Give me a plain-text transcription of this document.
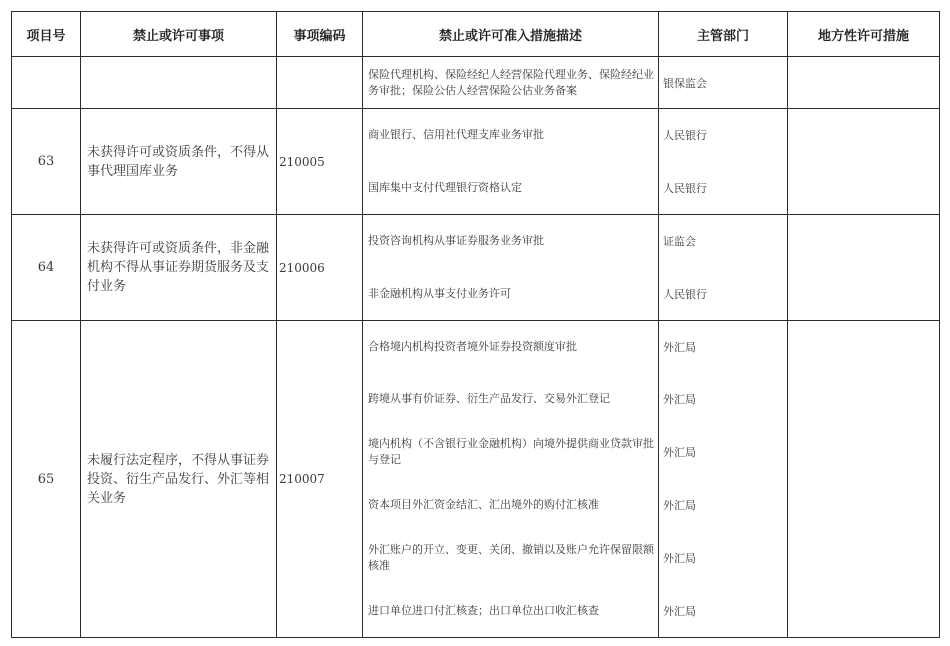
项目号	禁止或许可事项	事项编码	禁止或许可准入措施描述	主管部门	地方性许可措施
			保险代理机构、保险经纪人经营保险代理业务、保险经纪业务审批；保险公估人经营保险公估业务备案	银保监会	
63	未获得许可或资质条件，不得从事代理国库业务	210005	商业银行、信用社代理支库业务审批	人民银行	
			国库集中支付代理银行资格认定	人民银行	
64	未获得许可或资质条件，非金融机构不得从事证券期货服务及支付业务	210006	投资咨询机构从事证券服务业务审批	证监会	
			非金融机构从事支付业务许可	人民银行	
65	未履行法定程序，不得从事证券投资、衍生产品发行、外汇等相关业务	210007	合格境内机构投资者境外证券投资额度审批	外汇局	
			跨境从事有价证券、衍生产品发行、交易外汇登记	外汇局	
			境内机构（不含银行业金融机构）向境外提供商业贷款审批与登记	外汇局	
			资本项目外汇资金结汇、汇出境外的购付汇核准	外汇局	
			外汇账户的开立、变更、关闭、撤销以及账户允许保留限额核准	外汇局	
			进口单位进口付汇核查；出口单位出口收汇核查	外汇局	
